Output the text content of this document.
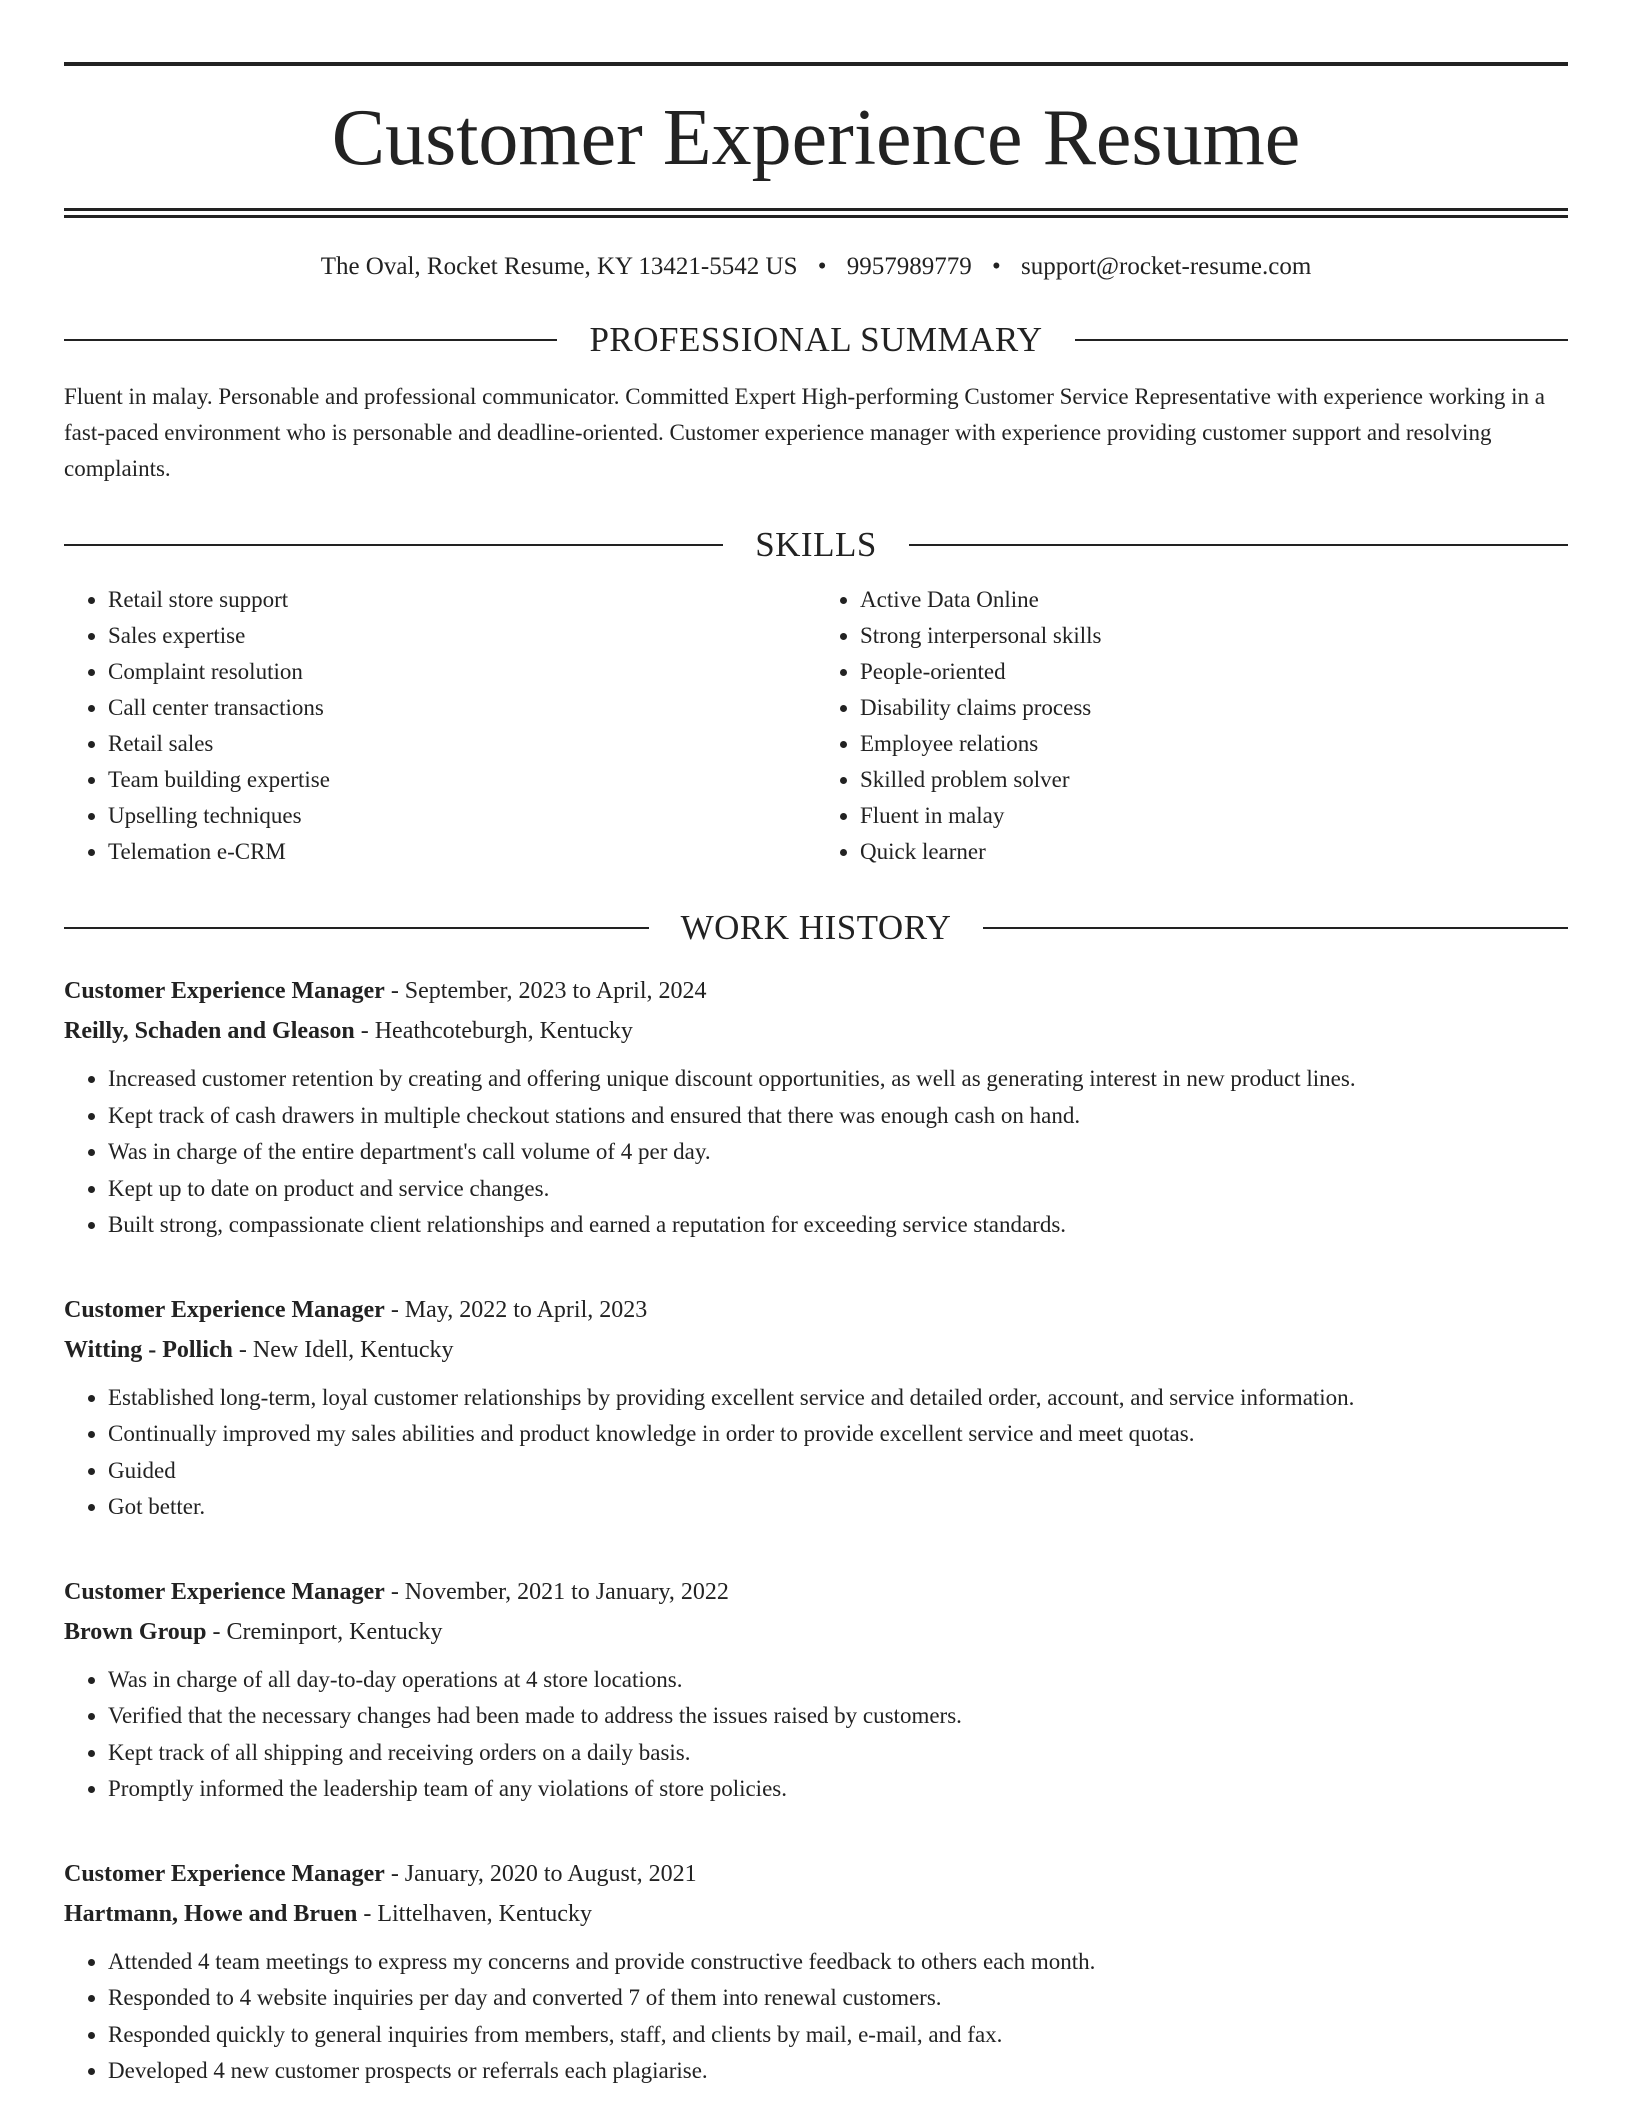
Customer Experience Resume
The Oval, Rocket Resume, KY 13421-5542 US • 9957989779 • support@rocket-resume.com
PROFESSIONAL SUMMARY
Fluent in malay. Personable and professional communicator. Committed Expert High-performing Customer Service Representative with experience working in a fast-paced environment who is personable and deadline-oriented. Customer experience manager with experience providing customer support and resolving complaints.
SKILLS
• Retail store support
• Sales expertise
• Complaint resolution
• Call center transactions
• Retail sales
• Team building expertise
• Upselling techniques
• Telemation e-CRM
• Active Data Online
• Strong interpersonal skills
• People-oriented
• Disability claims process
• Employee relations
• Skilled problem solver
• Fluent in malay
• Quick learner
WORK HISTORY
Customer Experience Manager - September, 2023 to April, 2024
Reilly, Schaden and Gleason - Heathcoteburgh, Kentucky
• Increased customer retention by creating and offering unique discount opportunities, as well as generating interest in new product lines.
• Kept track of cash drawers in multiple checkout stations and ensured that there was enough cash on hand.
• Was in charge of the entire department's call volume of 4 per day.
• Kept up to date on product and service changes.
• Built strong, compassionate client relationships and earned a reputation for exceeding service standards.
Customer Experience Manager - May, 2022 to April, 2023
Witting - Pollich - New Idell, Kentucky
• Established long-term, loyal customer relationships by providing excellent service and detailed order, account, and service information.
• Continually improved my sales abilities and product knowledge in order to provide excellent service and meet quotas.
• Guided
• Got better.
Customer Experience Manager - November, 2021 to January, 2022
Brown Group - Creminport, Kentucky
• Was in charge of all day-to-day operations at 4 store locations.
• Verified that the necessary changes had been made to address the issues raised by customers.
• Kept track of all shipping and receiving orders on a daily basis.
• Promptly informed the leadership team of any violations of store policies.
Customer Experience Manager - January, 2020 to August, 2021
Hartmann, Howe and Bruen - Littelhaven, Kentucky
• Attended 4 team meetings to express my concerns and provide constructive feedback to others each month.
• Responded to 4 website inquiries per day and converted 7 of them into renewal customers.
• Responded quickly to general inquiries from members, staff, and clients by mail, e-mail, and fax.
• Developed 4 new customer prospects or referrals each plagiarise.
